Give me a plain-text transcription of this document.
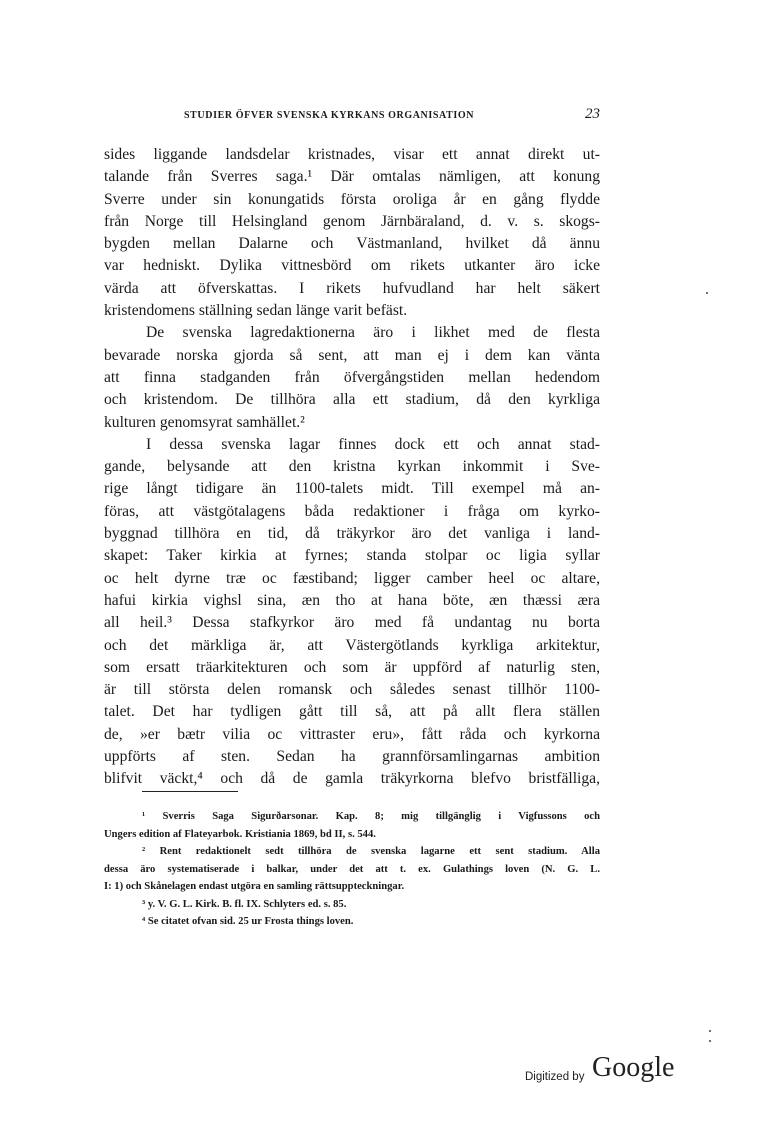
STUDIER ÖFVER SVENSKA KYRKANS ORGANISATION	23
sides liggande landsdelar kristnades, visar ett annat direkt ut-
talande från Sverres saga.¹ Där omtalas nämligen, att konung
Sverre under sin konungatids första oroliga år en gång flydde
från Norge till Helsingland genom Järnbäraland, d. v. s. skogs-
bygden mellan Dalarne och Västmanland, hvilket då ännu
var hedniskt. Dylika vittnesbörd om rikets utkanter äro icke
värda att öfverskattas. I rikets hufvudland har helt säkert
kristendomens ställning sedan länge varit befäst.
De svenska lagredaktionerna äro i likhet med de flesta
bevarade norska gjorda så sent, att man ej i dem kan vänta
att finna stadganden från öfvergångstiden mellan hedendom
och kristendom. De tillhöra alla ett stadium, då den kyrkliga
kulturen genomsyrat samhället.²
I dessa svenska lagar finnes dock ett och annat stad-
gande, belysande att den kristna kyrkan inkommit i Sve-
rige långt tidigare än 1100-talets midt. Till exempel må an-
föras, att västgötalagens båda redaktioner i fråga om kyrko-
byggnad tillhöra en tid, då träkyrkor äro det vanliga i land-
skapet: Taker kirkia at fyrnes; standa stolpar oc ligia syllar
oc helt dyrne træ oc fæstiband; ligger camber heel oc altare,
hafui kirkia vighsl sina, æn tho at hana böte, æn thæssi æra
all heil.³ Dessa stafkyrkor äro med få undantag nu borta
och det märkliga är, att Västergötlands kyrkliga arkitektur,
som ersatt träarkitekturen och som är uppförd af naturlig sten,
är till största delen romansk och således senast tillhör 1100-
talet. Det har tydligen gått till så, att på allt flera ställen
de, »er bætr vilia oc vittraster eru», fått råda och kyrkorna
uppförts af sten. Sedan ha grannförsamlingarnas ambition
blifvit väckt,⁴ och då de gamla träkyrkorna blefvo bristfälliga,
¹ Sverris Saga Sigurðarsonar. Kap. 8; mig tillgänglig i Vigfussons och
Ungers edition af Flateyarbok. Kristiania 1869, bd II, s. 544.
² Rent redaktionelt sedt tillhöra de svenska lagarne ett sent stadium. Alla
dessa äro systematiserade i balkar, under det att t. ex. Gulathings loven (N. G. L.
I: 1) och Skånelagen endast utgöra en samling rättsuppteckningar.
³ y. V. G. L. Kirk. B. fl. IX. Schlyters ed. s. 85.
⁴ Se citatet ofvan sid. 25 ur Frosta things loven.
Digitized by Google
